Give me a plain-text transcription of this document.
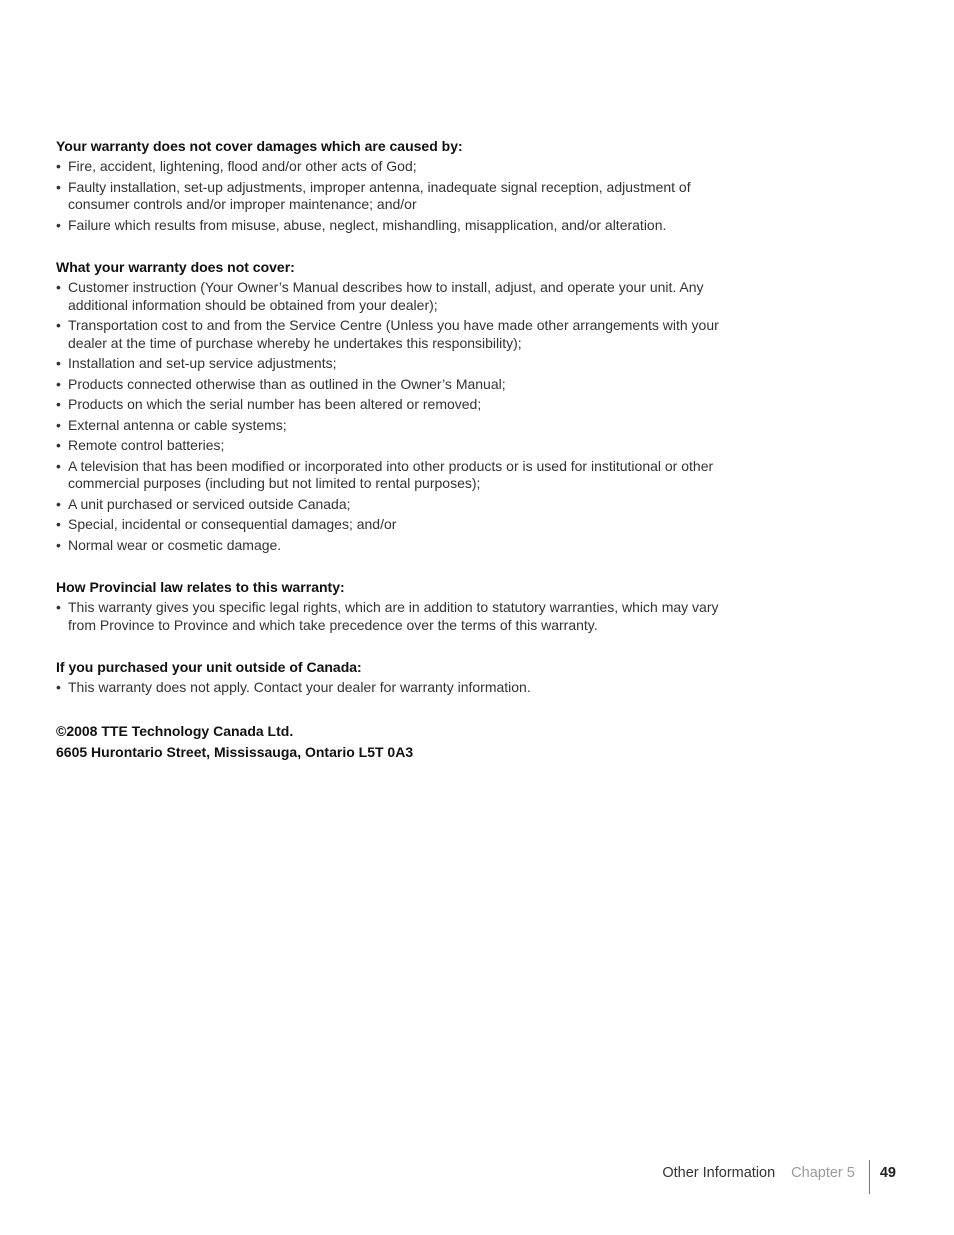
Your warranty does not cover damages which are caused by:
• Fire, accident, lightening, flood and/or other acts of God;
• Faulty installation, set-up adjustments, improper antenna, inadequate signal reception, adjustment of consumer controls and/or improper maintenance; and/or
• Failure which results from misuse, abuse, neglect, mishandling, misapplication, and/or alteration.
What your warranty does not cover:
• Customer instruction (Your Owner’s Manual describes how to install, adjust, and operate your unit. Any additional information should be obtained from your dealer);
• Transportation cost to and from the Service Centre (Unless you have made other arrangements with your dealer at the time of purchase whereby he undertakes this responsibility);
• Installation and set-up service adjustments;
• Products connected otherwise than as outlined in the Owner’s Manual;
• Products on which the serial number has been altered or removed;
• External antenna or cable systems;
• Remote control batteries;
• A television that has been modified or incorporated into other products or is used for institutional or other commercial purposes (including but not limited to rental purposes);
• A unit purchased or serviced outside Canada;
• Special, incidental or consequential damages; and/or
• Normal wear or cosmetic damage.
How Provincial law relates to this warranty:
• This warranty gives you specific legal rights, which are in addition to statutory warranties, which may vary from Province to Province and which take precedence over the terms of this warranty.
If you purchased your unit outside of Canada:
• This warranty does not apply. Contact your dealer for warranty information.
©2008 TTE Technology Canada Ltd.
6605 Hurontario Street, Mississauga, Ontario L5T 0A3
Other Information Chapter 5 49
